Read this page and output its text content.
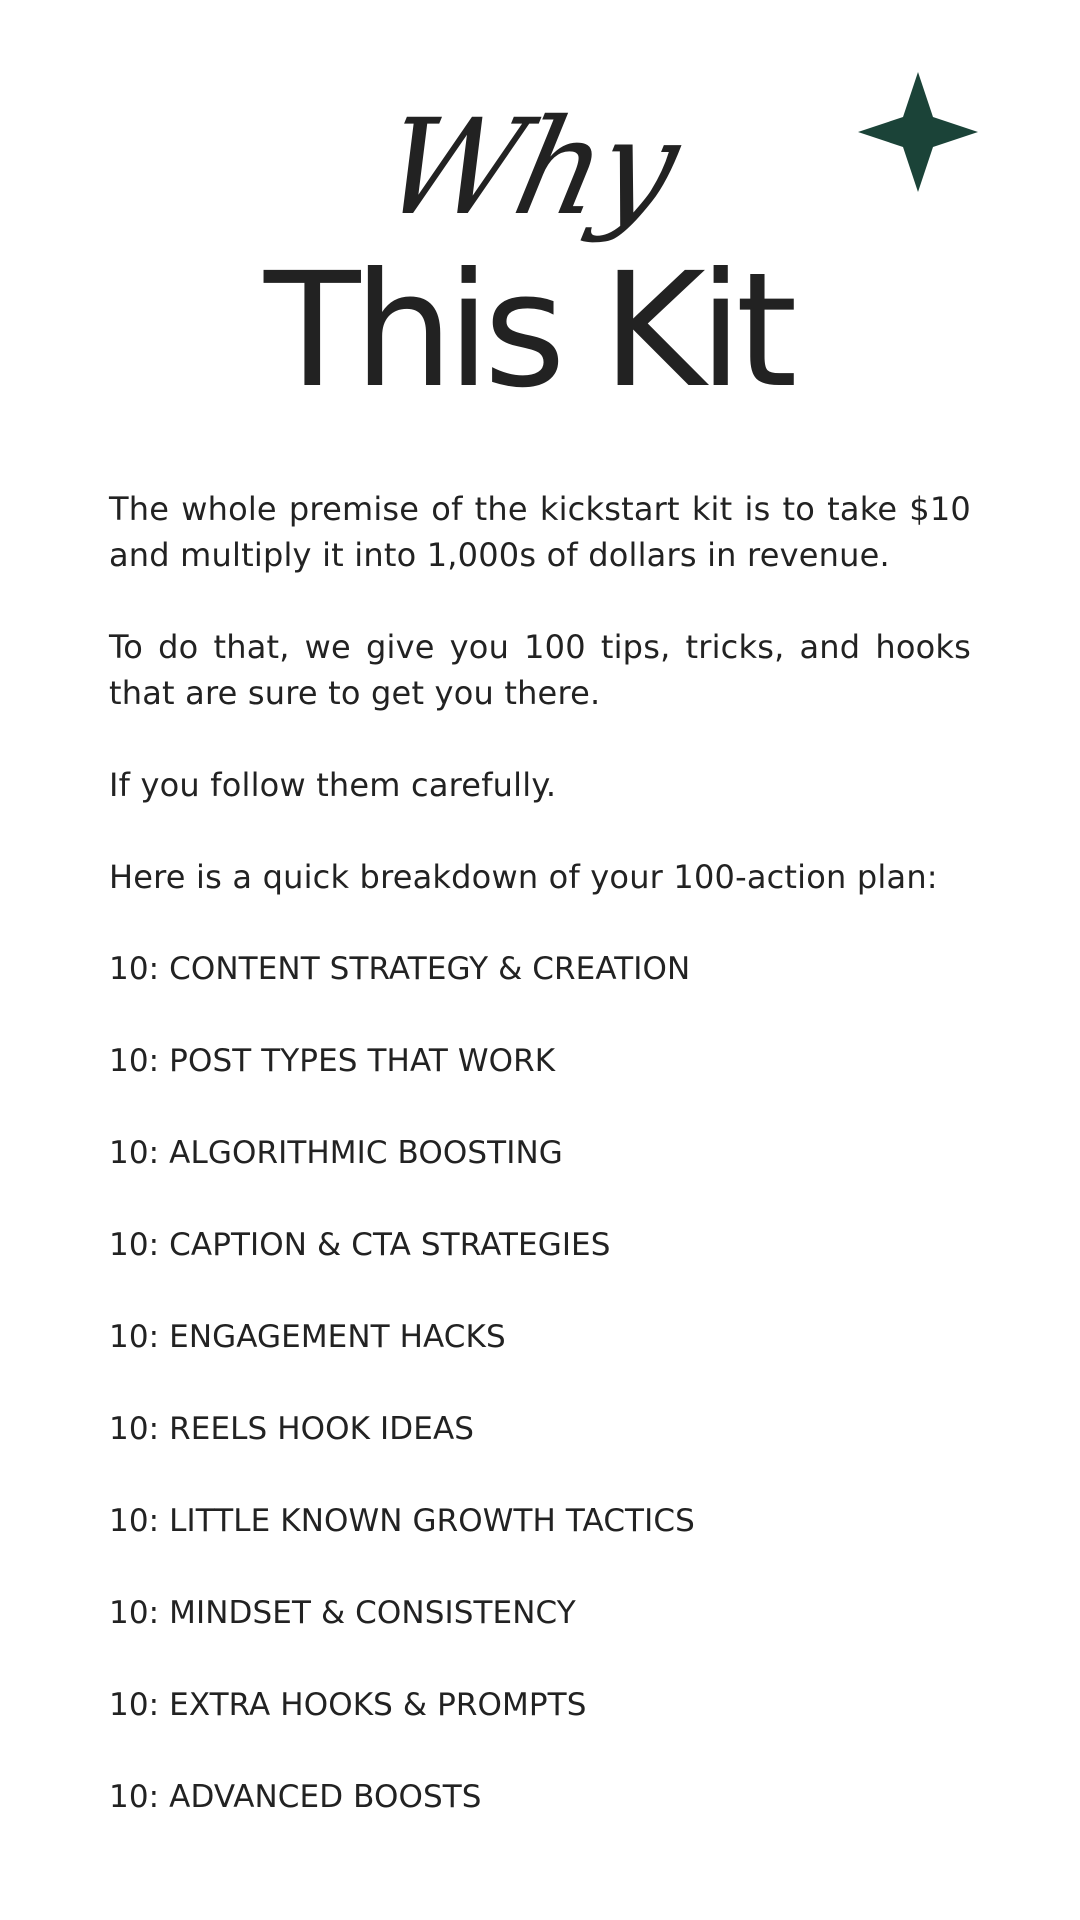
Why
This Kit

The whole premise of the kickstart kit is to take $10 and multiply it into 1,000s of dollars in revenue.

To do that, we give you 100 tips, tricks, and hooks that are sure to get you there.

If you follow them carefully.

Here is a quick breakdown of your 100-action plan:

10: CONTENT STRATEGY & CREATION
10: POST TYPES THAT WORK
10: ALGORITHMIC BOOSTING
10: CAPTION & CTA STRATEGIES
10: ENGAGEMENT HACKS
10: REELS HOOK IDEAS
10: LITTLE KNOWN GROWTH TACTICS
10: MINDSET & CONSISTENCY
10: EXTRA HOOKS & PROMPTS
10: ADVANCED BOOSTS
